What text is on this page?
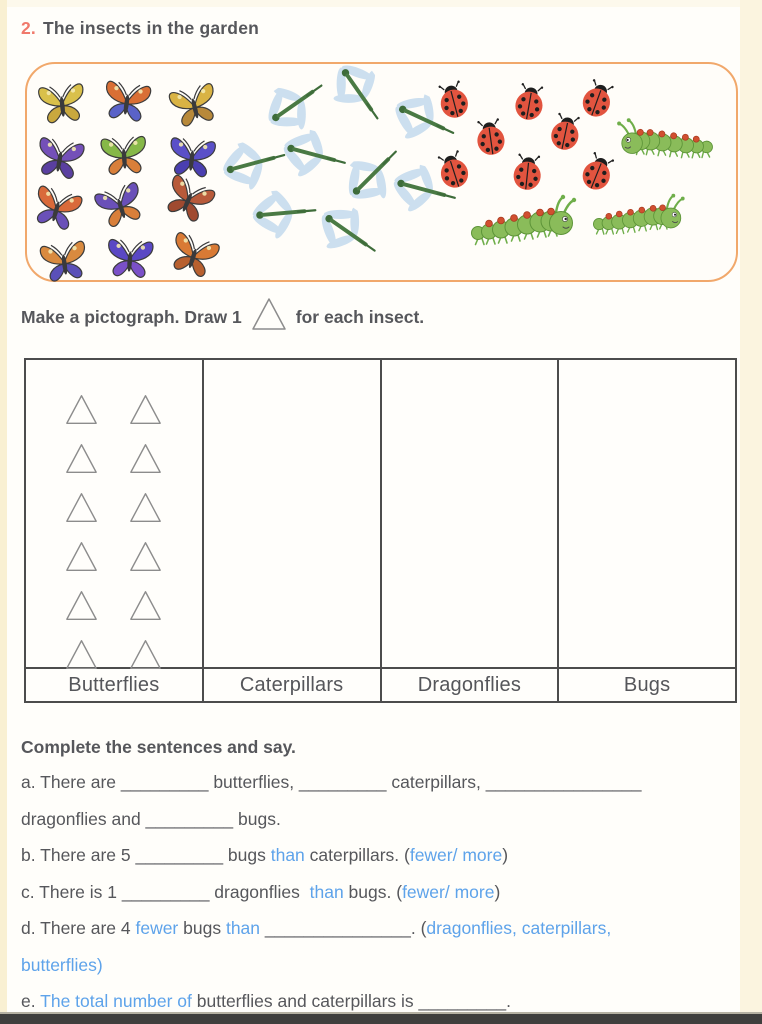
2. The insects in the garden
Make a pictograph. Draw 1	for each insect.
Butterflies	Caterpillars	Dragonflies	Bugs
Complete the sentences and say.
a. There are _________ butterflies, _________ caterpillars, ________________
dragonflies and _________ bugs.
b. There are 5 _________ bugs than caterpillars. (fewer/ more)
c. There is 1 _________ dragonflies  than bugs. (fewer/ more)
d. There are 4 fewer bugs than _______________. (dragonflies, caterpillars,
butterflies)
e. The total number of butterflies and caterpillars is _________.
